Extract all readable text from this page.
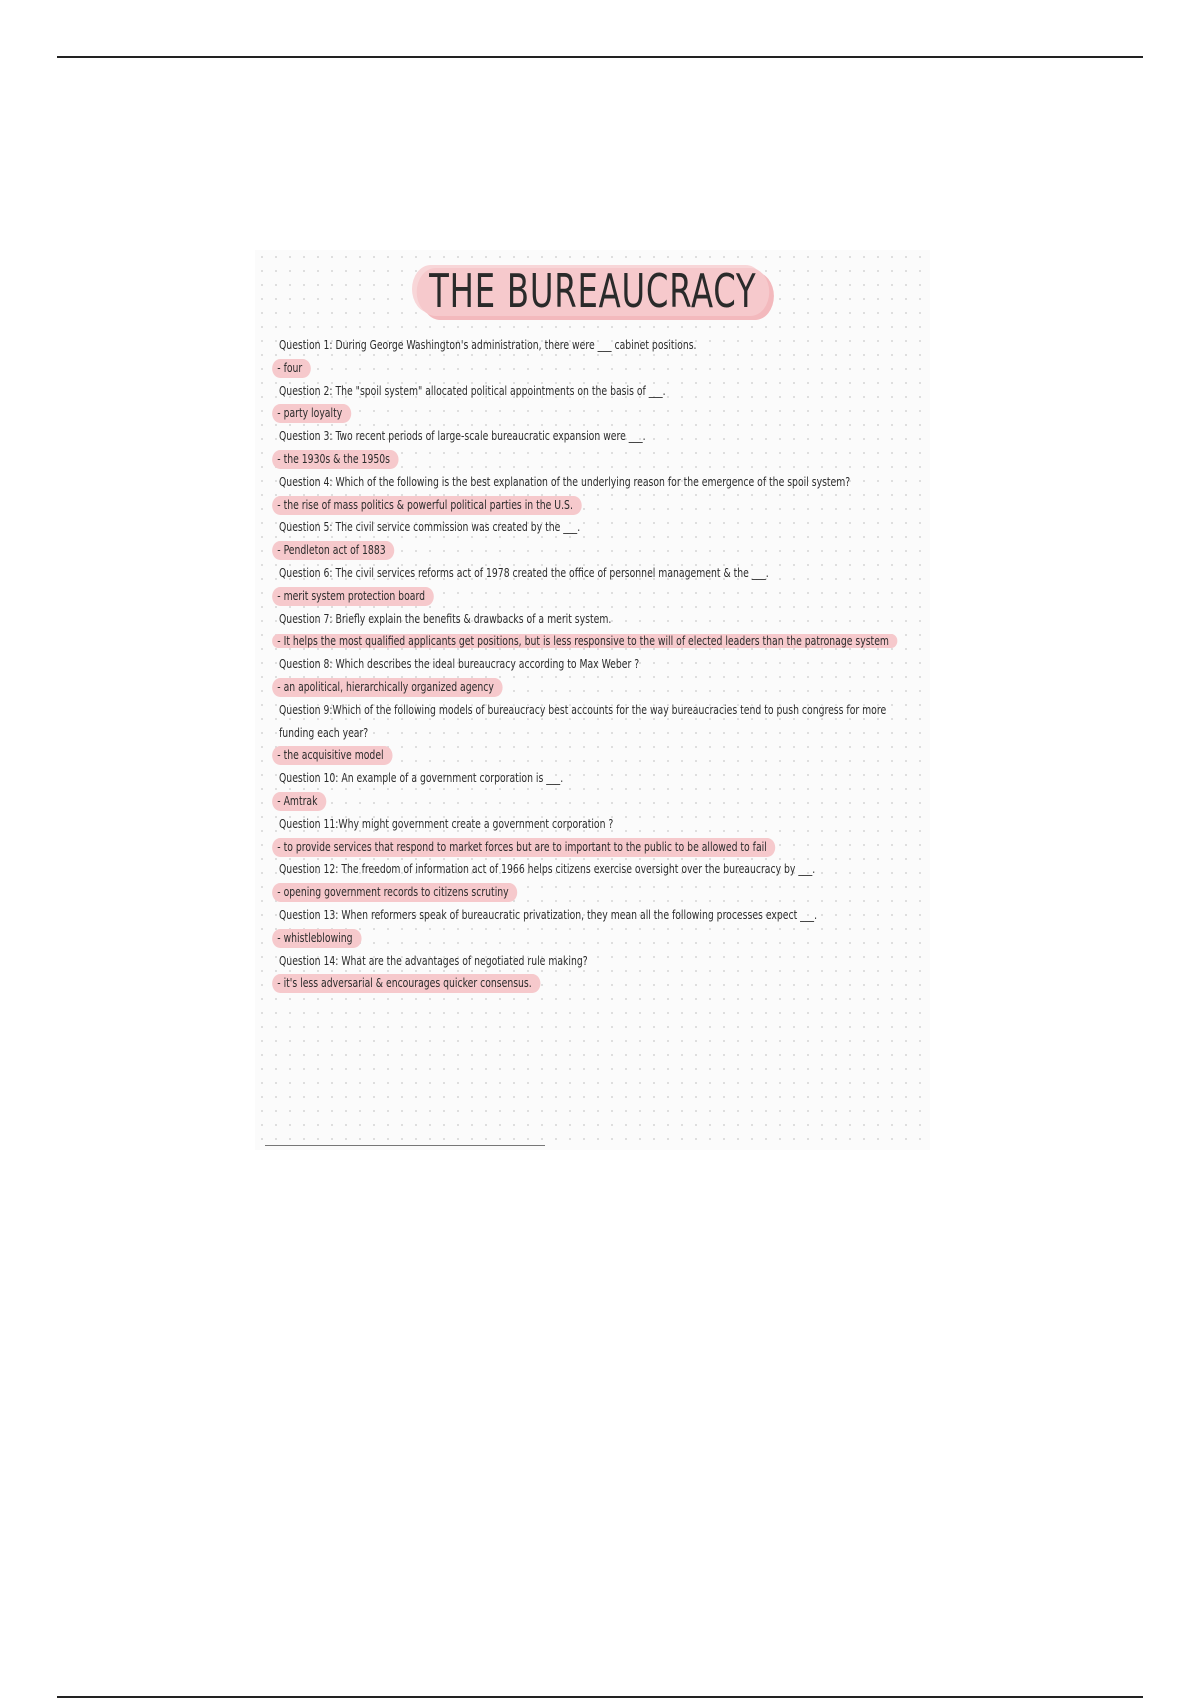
THE BUREAUCRACY
Question 1: During George Washington's administration, there were ___ cabinet positions.
- four
Question 2: The "spoil system" allocated political appointments on the basis of ___.
- party loyalty
Question 3: Two recent periods of large-scale bureaucratic expansion were ___.
- the 1930s & the 1950s
Question 4: Which of the following is the best explanation of the underlying reason for the emergence of the spoil system?
- the rise of mass politics & powerful political parties in the U.S.
Question 5: The civil service commission was created by the ___.
- Pendleton act of 1883
Question 6: The civil services reforms act of 1978 created the office of personnel management & the ___.
- merit system protection board
Question 7: Briefly explain the benefits & drawbacks of a merit system.
- It helps the most qualified applicants get positions, but is less responsive to the will of elected leaders than the patronage system
Question 8: Which describes the ideal bureaucracy according to Max Weber ?
- an apolitical, hierarchically organized agency
Question 9:Which of the following models of bureaucracy best accounts for the way bureaucracies tend to push congress for more funding each year?
- the acquisitive model
Question 10: An example of a government corporation is ___.
- Amtrak
Question 11:Why might government create a government corporation ?
- to provide services that respond to market forces but are to important to the public to be allowed to fail
Question 12: The freedom of information act of 1966 helps citizens exercise oversight over the bureaucracy by ___.
- opening government records to citizens scrutiny
Question 13: When reformers speak of bureaucratic privatization, they mean all the following processes expect ___.
- whistleblowing
Question 14: What are the advantages of negotiated rule making?
- it's less adversarial & encourages quicker consensus.
